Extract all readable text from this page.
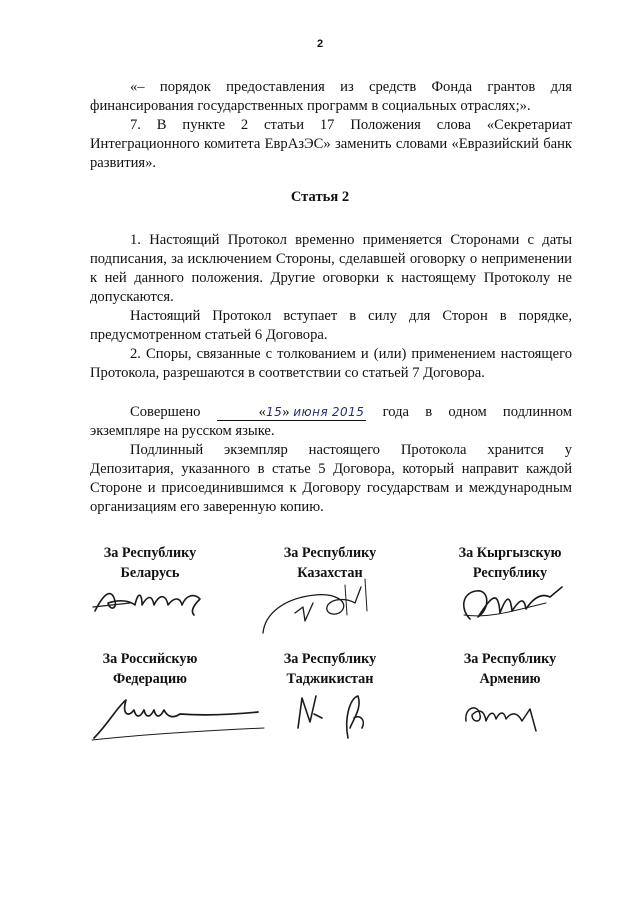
2

«– порядок предоставления из средств Фонда грантов для финансирования государственных программ в социальных отраслях;».

7. В пункте 2 статьи 17 Положения слова «Секретариат Интеграционного комитета ЕврАзЭС» заменить словами «Евразийский банк развития».

Статья 2

1. Настоящий Протокол временно применяется Сторонами с даты подписания, за исключением Стороны, сделавшей оговорку о неприменении к ней данного положения. Другие оговорки к настоящему Протоколу не допускаются.

Настоящий Протокол вступает в силу для Сторон в порядке, предусмотренном статьей 6 Договора.

2. Споры, связанные с толкованием и (или) применением настоящего Протокола, разрешаются в соответствии со статьей 7 Договора.

Совершено	«15» июня 2015 года в одном подлинном экземпляре на русском языке.

Подлинный экземпляр настоящего Протокола хранится у Депозитария, указанного в статье 5 Договора, который направит каждой Стороне и присоединившимся к Договору государствам и международным организациям его заверенную копию.

За Республику
Беларусь
За Республику
Казахстан
За Кыргызскую
Республику
За Российскую
Федерацию
За Республику
Таджикистан
За Республику
Армению
